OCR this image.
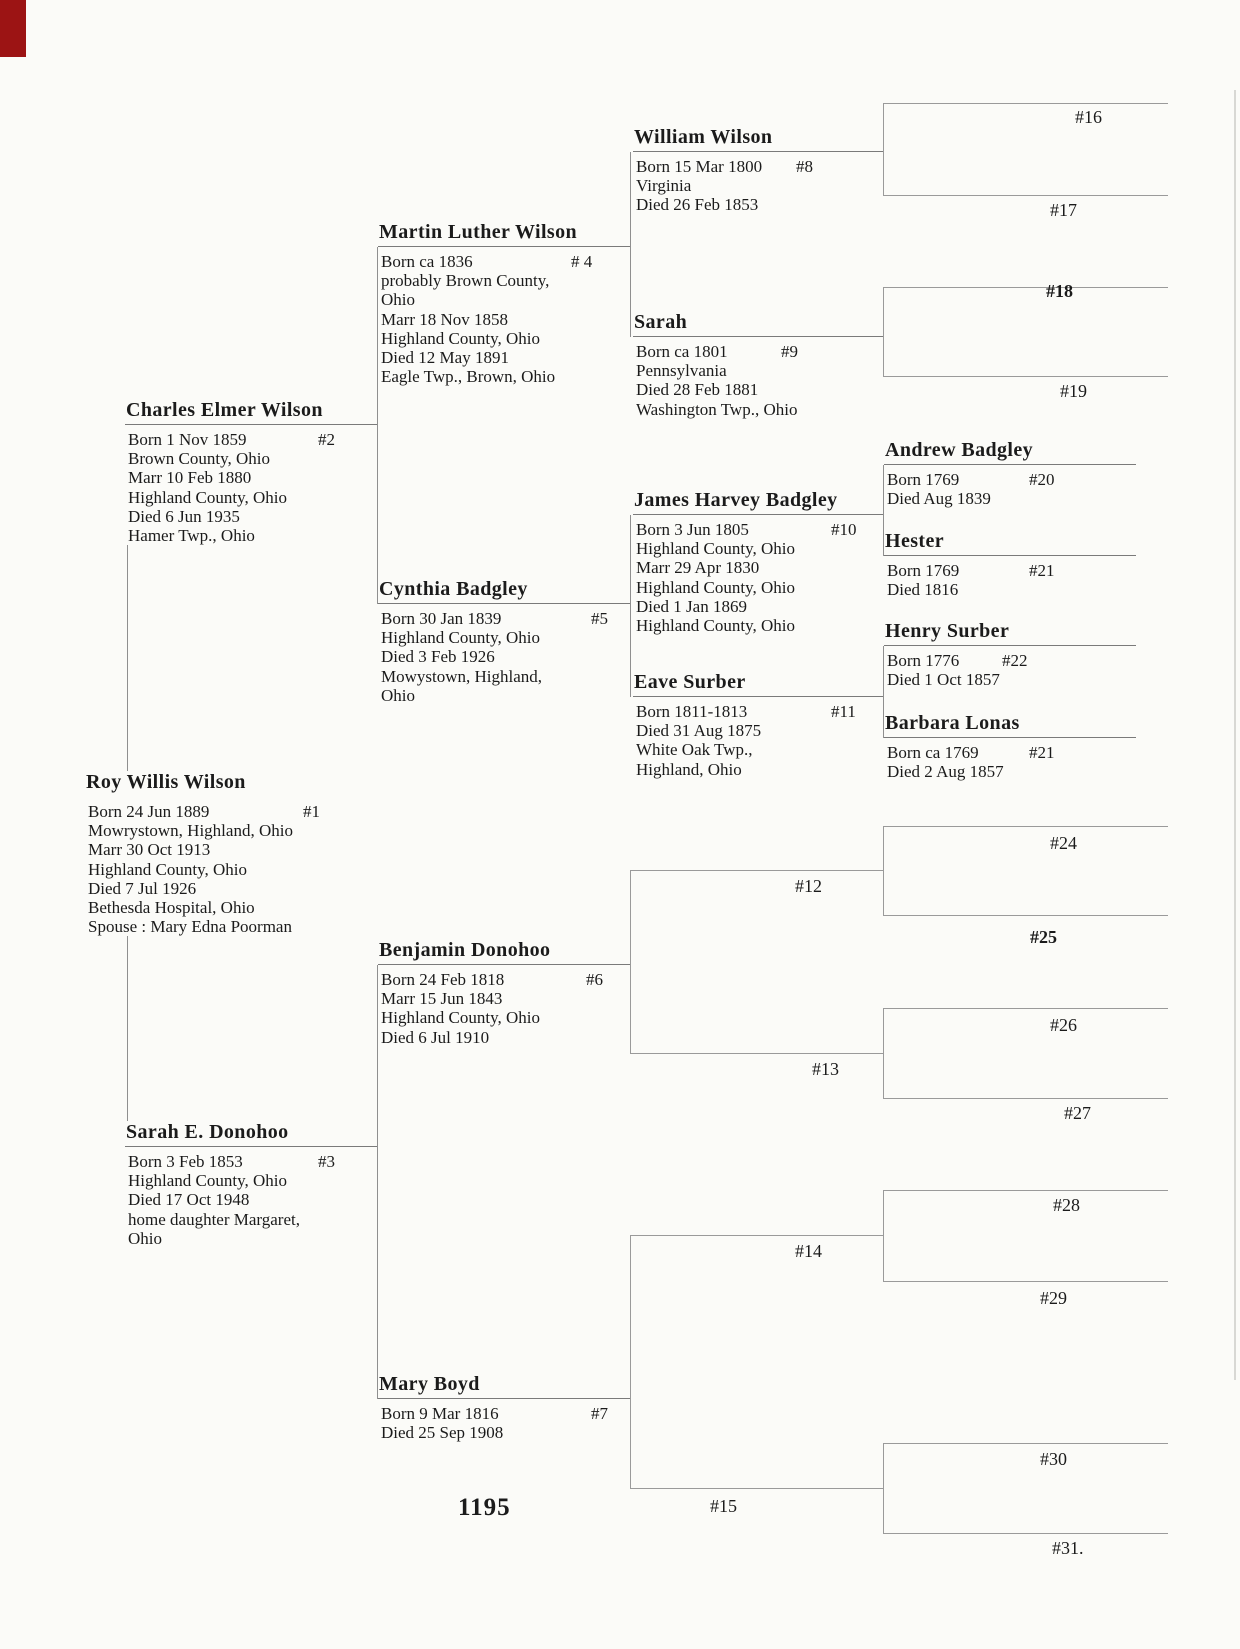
#16
#17
#18
#19
#12
#13
#14
#15
#24
#25
#26
#27
#28
#29
#30
#31.
Roy Willis Wilson
Born 24 Jun 1889	#1
Mowrystown, Highland, Ohio
Marr 30 Oct 1913
Highland County, Ohio
Died 7 Jul 1926
Bethesda Hospital, Ohio
Spouse : Mary Edna Poorman
Charles Elmer Wilson
Born 1 Nov 1859	#2
Brown County, Ohio
Marr 10 Feb 1880
Highland County, Ohio
Died 6 Jun 1935
Hamer Twp., Ohio
Sarah E. Donohoo
Born 3 Feb 1853	#3
Highland County, Ohio
Died 17 Oct 1948
home daughter Margaret,
Ohio
Martin Luther Wilson
Born ca 1836	# 4
probably Brown County,
Ohio
Marr 18 Nov 1858
Highland County, Ohio
Died 12 May 1891
Eagle Twp., Brown, Ohio
Cynthia Badgley
Born 30 Jan 1839	#5
Highland County, Ohio
Died 3 Feb 1926
Mowystown, Highland,
Ohio
Benjamin Donohoo
Born 24 Feb 1818	#6
Marr 15 Jun 1843
Highland County, Ohio
Died 6 Jul 1910
Mary Boyd
Born 9 Mar 1816	#7
Died 25 Sep 1908
William Wilson
Born 15 Mar 1800 #8
Virginia
Died 26 Feb 1853
Sarah
Born ca 1801	#9
Pennsylvania
Died 28 Feb 1881
Washington Twp., Ohio
James Harvey Badgley
Born 3 Jun 1805	#10
Highland County, Ohio
Marr 29 Apr 1830
Highland County, Ohio
Died 1 Jan 1869
Highland County, Ohio
Eave Surber
Born 1811-1813	#11
Died 31 Aug 1875
White Oak Twp.,
Highland, Ohio
Andrew Badgley
Born 1769	#20
Died Aug 1839
Hester
Born 1769	#21
Died 1816
Henry Surber
Born 1776	#22
Died 1 Oct 1857
Barbara Lonas
Born ca 1769	#21
Died 2 Aug 1857
1195
